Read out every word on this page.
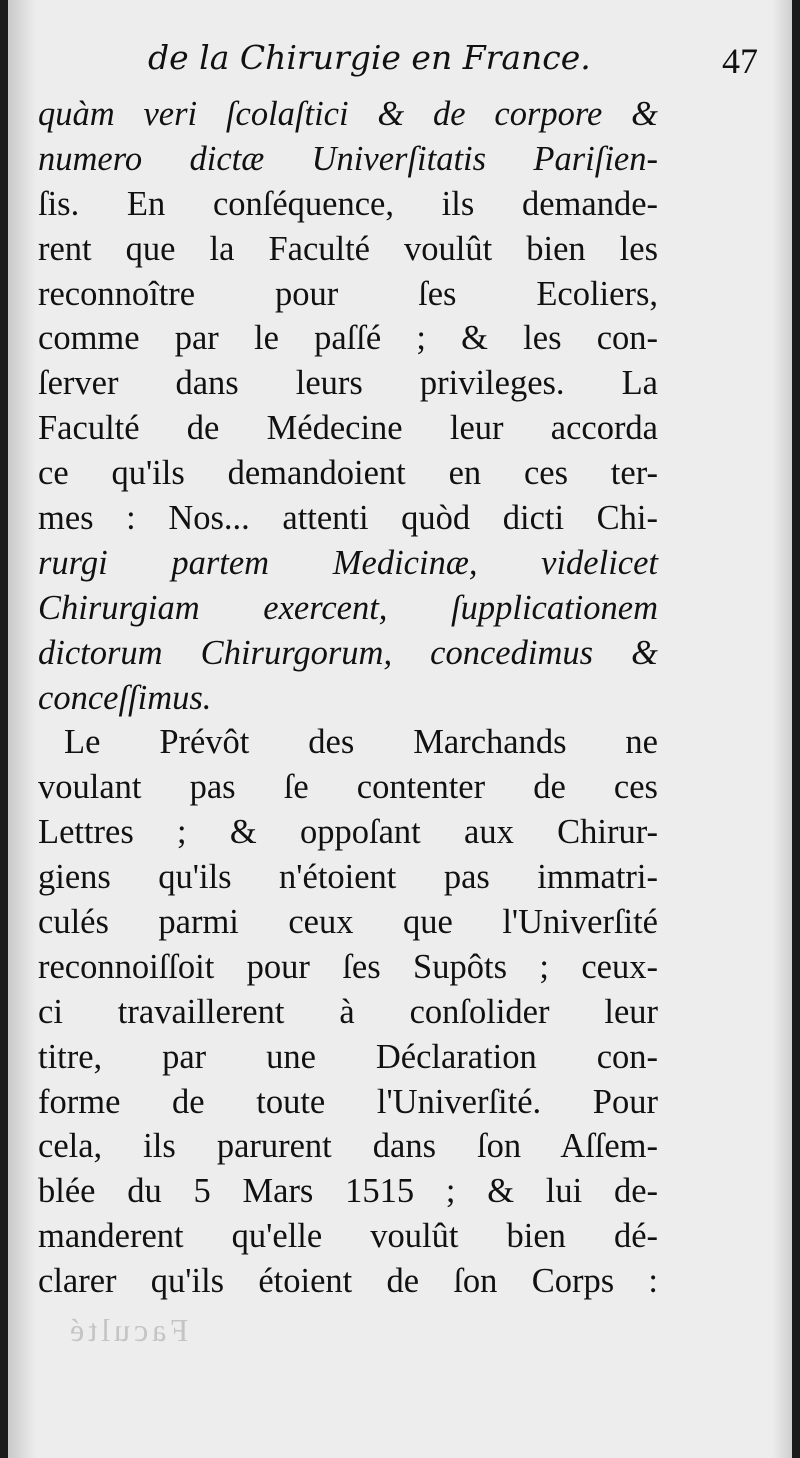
de la Chirurgie en France.	47
quàm veri ſcolaſtici & de corpore &
numero dictæ Univerſitatis Pariſien-
ſis. En conſéquence, ils demande-
rent que la Faculté voulût bien les
reconnoître pour ſes Ecoliers,
comme par le paſſé ; & les con-
ſerver dans leurs privileges. La
Faculté de Médecine leur accorda
ce qu'ils demandoient en ces ter-
mes : Nos... attenti quòd dicti Chi-
rurgi partem Medicinæ, videlicet
Chirurgiam exercent, ſupplicationem
dictorum Chirurgorum, concedimus &
conceſſimus.
Le Prévôt des Marchands ne
voulant pas ſe contenter de ces
Lettres ; & oppoſant aux Chirur-
giens qu'ils n'étoient pas immatri-
culés parmi ceux que l'Univerſité
reconnoiſſoit pour ſes Supôts ; ceux-
ci travaillerent à conſolider leur
titre, par une Déclaration con-
forme de toute l'Univerſité. Pour
cela, ils parurent dans ſon Aſſem-
blée du 5 Mars 1515 ; & lui de-
manderent qu'elle voulût bien dé-
clarer qu'ils étoient de ſon Corps :
Faculté
